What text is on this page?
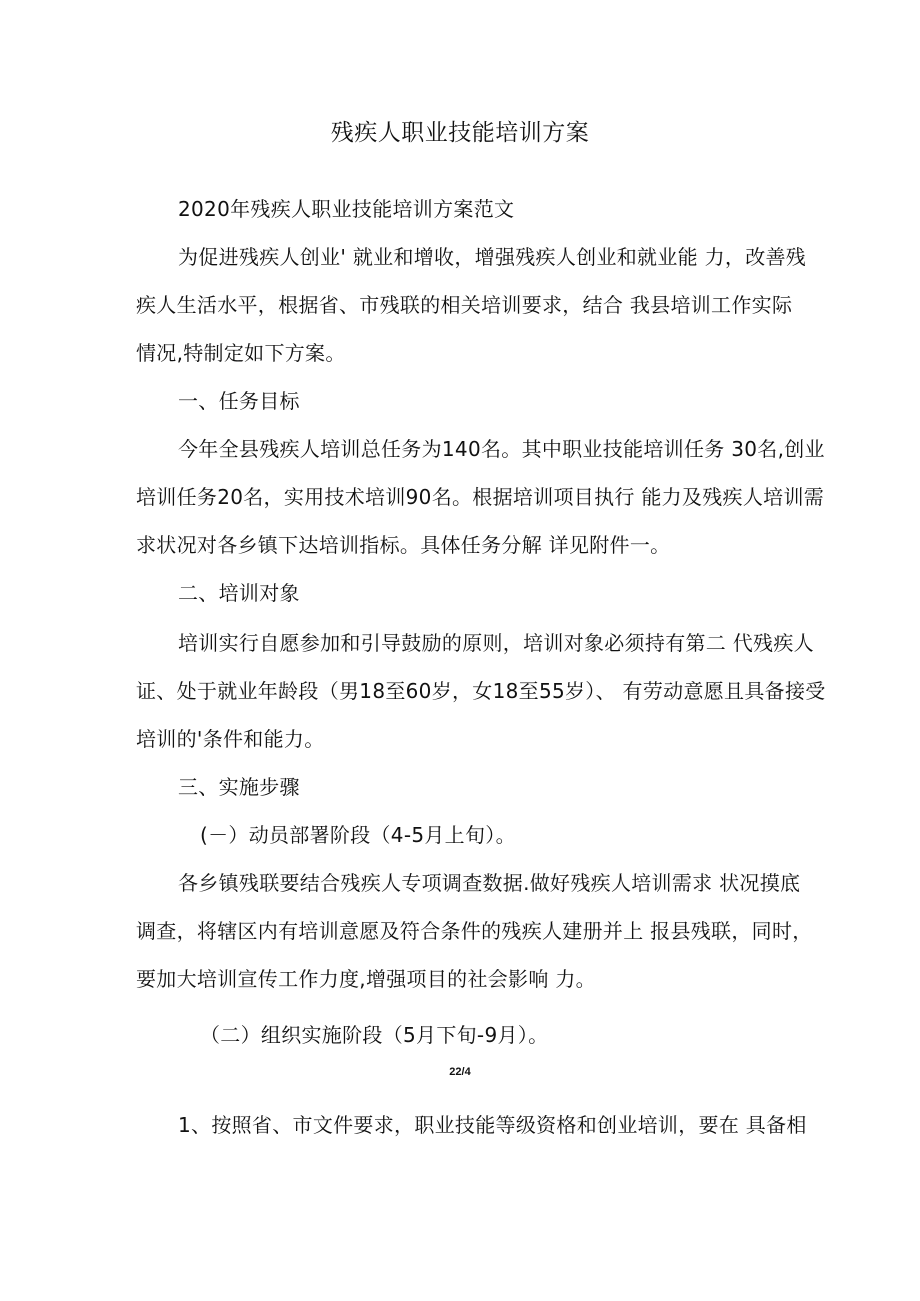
残疾人职业技能培训方案
2020年残疾人职业技能培训方案范文
为促进残疾人创业' 就业和增收，增强残疾人创业和就业能 力，改善残
疾人生活水平，根据省、市残联的相关培训要求，结合 我县培训工作实际
情况,特制定如下方案。
一、任务目标
今年全县残疾人培训总任务为140名。其中职业技能培训任务 30名,创业
培训任务20名，实用技术培训90名。根据培训项目执行 能力及残疾人培训需
求状况对各乡镇下达培训指标。具体任务分解 详见附件一。
二、培训对象
培训实行自愿参加和引导鼓励的原则，培训对象必须持有第二 代残疾人
证、处于就业年龄段（男18至60岁，女18至55岁）、 有劳动意愿且具备接受
培训的'条件和能力。
三、实施步骤
(－）动员部署阶段（4-5月上旬）。
各乡镇残联要结合残疾人专项调查数据.做好残疾人培训需求 状况摸底
调查，将辖区内有培训意愿及符合条件的残疾人建册并上 报县残联，同时，
要加大培训宣传工作力度,增强项目的社会影响 力。
（二）组织实施阶段（5月下旬-9月）。
22/4
1、按照省、市文件要求，职业技能等级资格和创业培训，要在 具备相
